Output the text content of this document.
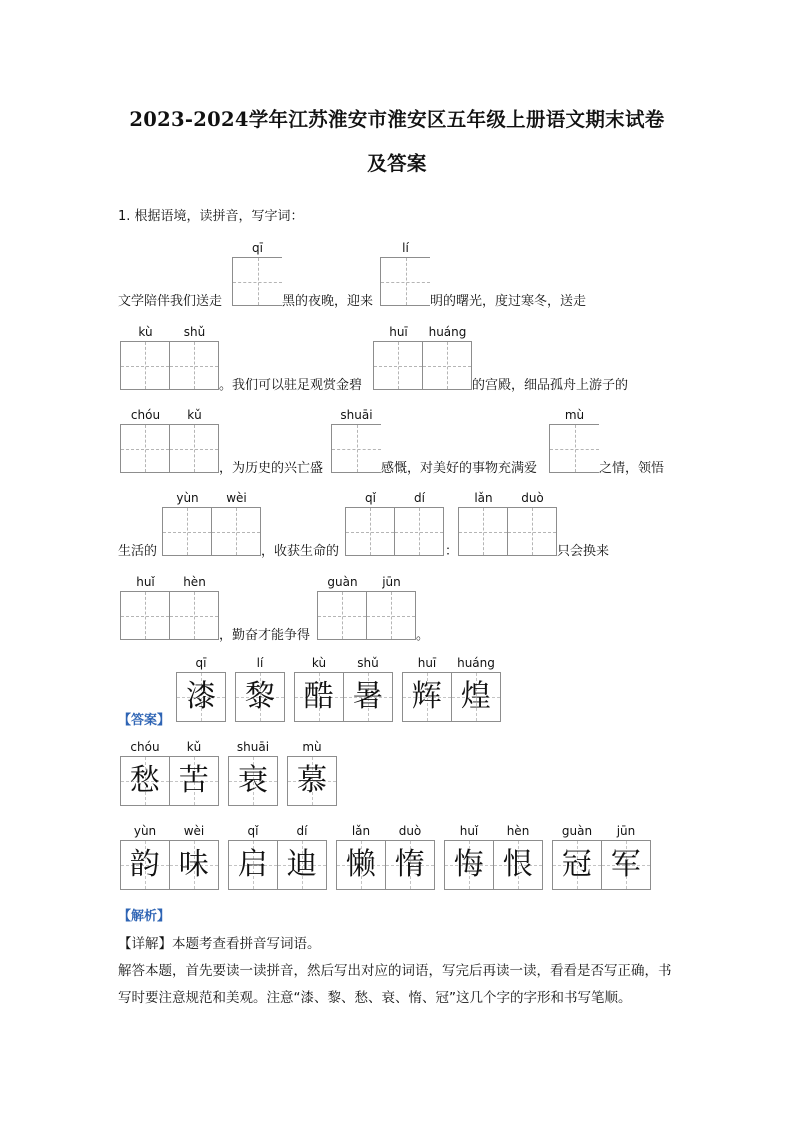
2023-2024学年江苏淮安市淮安区五年级上册语文期末试卷
及答案
1. 根据语境，读拼音，写字词：
qī	lí
文学陪伴我们送走	黑的夜晚，迎来	明的曙光，度过寒冬，送走
kù	shǔ
。我们可以驻足观赏金碧
huī	huáng
的宫殿，细品孤舟上游子的
chóu	kǔ
，为历史的兴亡盛
shuāi
感慨，对美好的事物充满爱
mù
之情，领悟
生活的
yùn	wèi
，收获生命的
qǐ	dí
：
lǎn	duò
只会换来
huǐ	hèn
，勤奋才能争得
guàn	jūn
。
【答案】
qī	lí	kù	shǔ	huī	huáng
漆 黎 酷 暑 辉 煌
chóu	kǔ	shuāi	mù
愁 苦 衰 慕
yùn	wèi	qǐ	dí	lǎn	duò	huǐ	hèn	guàn	jūn
韵 味 启 迪 懒 惰 悔 恨 冠 军
【解析】
【详解】本题考查看拼音写词语。
解答本题，首先要读一读拼音，然后写出对应的词语，写完后再读一读，看看是否写正确，书写时要注意规范和美观。注意“漆、黎、愁、衰、惰、冠”这几个字的字形和书写笔顺。
